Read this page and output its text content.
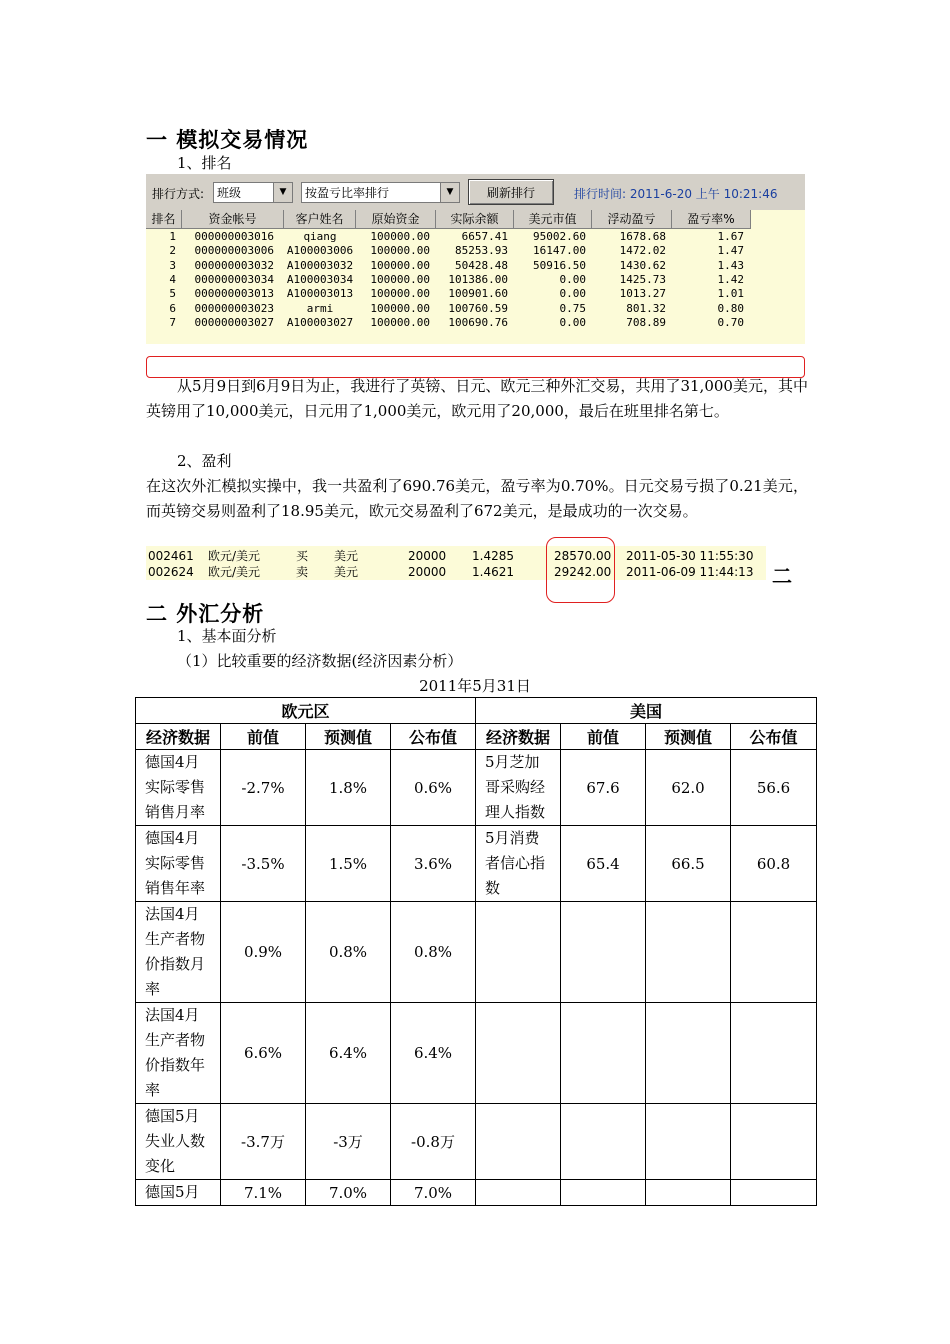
一 模拟交易情况
1、排名
排行方式:	班级	▼	按盈亏比率排行	▼	刷新排行	排行时间: 2011-6-20 上午 10:21:46
排名	资金帐号	客户姓名	原始资金	实际余额	美元市值	浮动盈亏	盈亏率%
1	000000003016	qiang	100000.00	6657.41	95002.60	1678.68	1.67
2	000000003006 A100003006	100000.00	85253.93	16147.00	1472.02	1.47
3	000000003032 A100003032	100000.00	50428.48	50916.50	1430.62	1.43
4	000000003034 A100003034	100000.00	101386.00	0.00	1425.73	1.42
5	000000003013 A100003013	100000.00	100901.60	0.00	1013.27	1.01
6	000000003023	armi	100000.00	100760.59	0.75	801.32	0.80
7	000000003027 A100003027	100000.00	100690.76	0.00	708.89	0.70
从5月9日到6月9日为止，我进行了英镑、日元、欧元三种外汇交易，共用了31,000美元，其中英镑用了10,000美元，日元用了1,000美元，欧元用了20,000，最后在班里排名第七。
2、盈利
在这次外汇模拟实操中，我一共盈利了690.76美元，盈亏率为0.70%。日元交易亏损了0.21美元，而英镑交易则盈利了18.95美元，欧元交易盈利了672美元，是最成功的一次交易。
002461 欧元/美元	买 美元	20000 1.4285	28570.00 2011-05-30 11:55:30
002624 欧元/美元	卖 美元	20000 1.4621	29242.00 2011-06-09 11:44:13 二
二 外汇分析
1、基本面分析
（1）比较重要的经济数据(经济因素分析）
2011年5月31日
欧元区				美国			
经济数据	前值	预测值	公布值	经济数据	前值	预测值	公布值
德国4月实际零售销售月率	-2.7%	1.8%	0.6%	5月芝加哥采购经理人指数	67.6	62.0	56.6
德国4月实际零售销售年率	-3.5%	1.5%	3.6%	5月消费者信心指数	65.4	66.5	60.8
法国4月生产者物价指数月率	0.9%	0.8%	0.8%				
法国4月生产者物价指数年率	6.6%	6.4%	6.4%				
德国5月失业人数变化	-3.7万	-3万	-0.8万				
德国5月	7.1%	7.0%	7.0%				
